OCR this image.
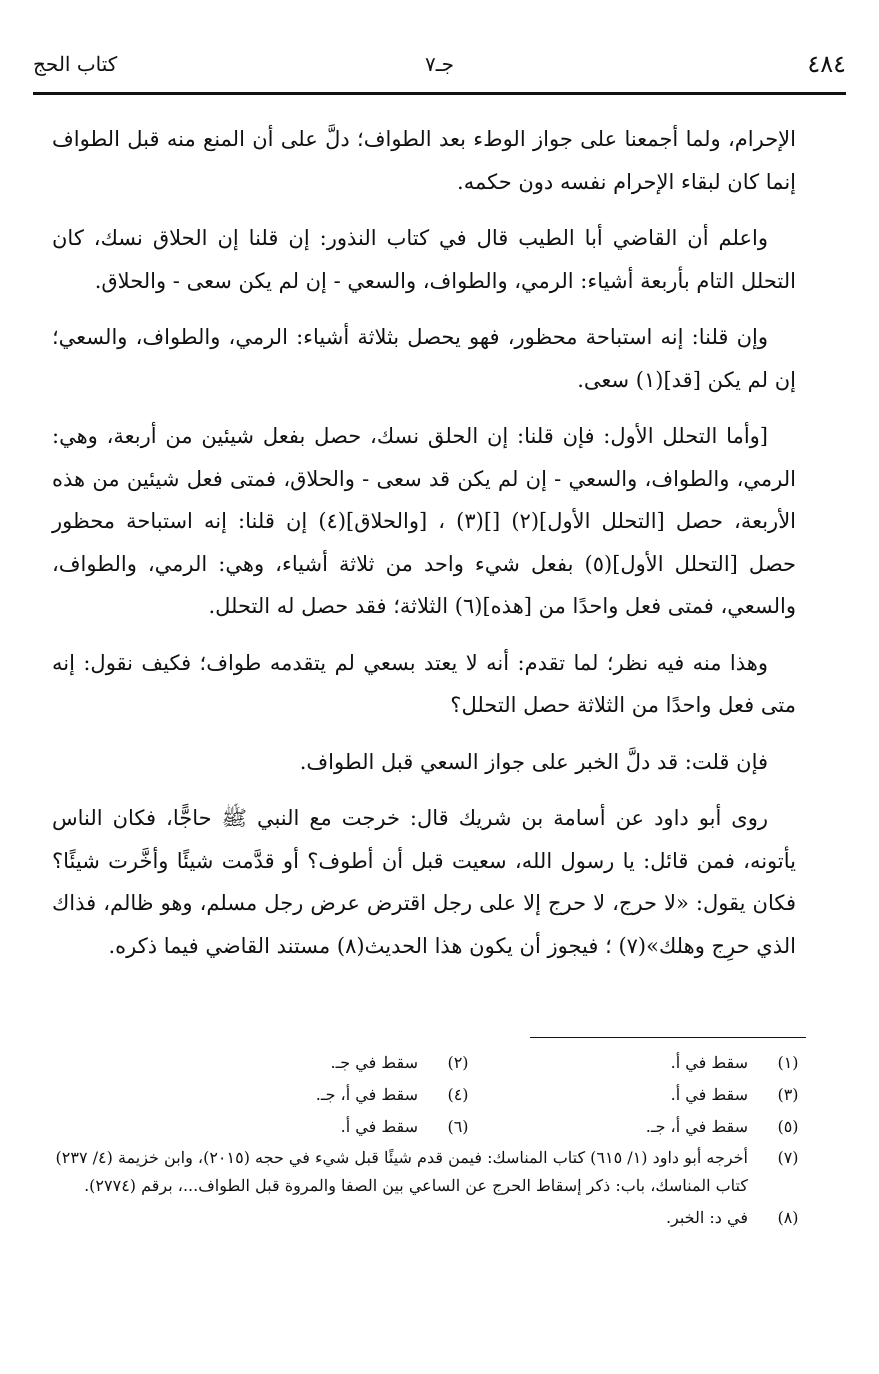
٤٨٤
جـ٧
كتاب الحج

الإحرام، ولما أجمعنا على جواز الوطء بعد الطواف؛ دلَّ على أن المنع منه قبل الطواف إنما كان لبقاء الإحرام نفسه دون حكمه.

واعلم أن القاضي أبا الطيب قال في كتاب النذور: إن قلنا إن الحلاق نسك، كان التحلل التام بأربعة أشياء: الرمي، والطواف، والسعي - إن لم يكن سعى - والحلاق.

وإن قلنا: إنه استباحة محظور، فهو يحصل بثلاثة أشياء: الرمي، والطواف، والسعي؛ إن لم يكن [قد](١) سعى.

[وأما التحلل الأول: فإن قلنا: إن الحلق نسك، حصل بفعل شيئين من أربعة، وهي: الرمي، والطواف، والسعي - إن لم يكن قد سعى - والحلاق، فمتى فعل شيئين من هذه الأربعة، حصل [التحلل الأول](٢) [](٣) ، [والحلاق](٤) إن قلنا: إنه استباحة محظور حصل [التحلل الأول](٥) بفعل شيء واحد من ثلاثة أشياء، وهي: الرمي، والطواف، والسعي، فمتى فعل واحدًا من [هذه](٦) الثلاثة؛ فقد حصل له التحلل.

وهذا منه فيه نظر؛ لما تقدم: أنه لا يعتد بسعي لم يتقدمه طواف؛ فكيف نقول: إنه متى فعل واحدًا من الثلاثة حصل التحلل؟

فإن قلت: قد دلَّ الخبر على جواز السعي قبل الطواف.

روى أبو داود عن أسامة بن شريك قال: خرجت مع النبي ﷺ حاجًّا، فكان الناس يأتونه، فمن قائل: يا رسول الله، سعيت قبل أن أطوف؟ أو قدَّمت شيئًا وأخَّرت شيئًا؟ فكان يقول: «لا حرج، لا حرج إلا على رجل اقترض عرض رجل مسلم، وهو ظالم، فذاك الذي حرِج وهلك»(٧) ؛ فيجوز أن يكون هذا الحديث(٨) مستند القاضي فيما ذكره.

(١)سقط في أ.
(٢)سقط في جـ.
(٣)سقط في أ.
(٤)سقط في أ، جـ.
(٥)سقط في أ، جـ.
(٦)سقط في أ.
(٧)
أخرجه أبو داود (١/ ٦١٥) كتاب المناسك: فيمن قدم شيئًا قبل شيء في حجه (٢٠١٥)، وابن خزيمة (٤/ ٢٣٧) كتاب المناسك، باب: ذكر إسقاط الحرج عن الساعي بين الصفا والمروة قبل الطواف...، برقم (٢٧٧٤).
(٨)
في د: الخبر.
